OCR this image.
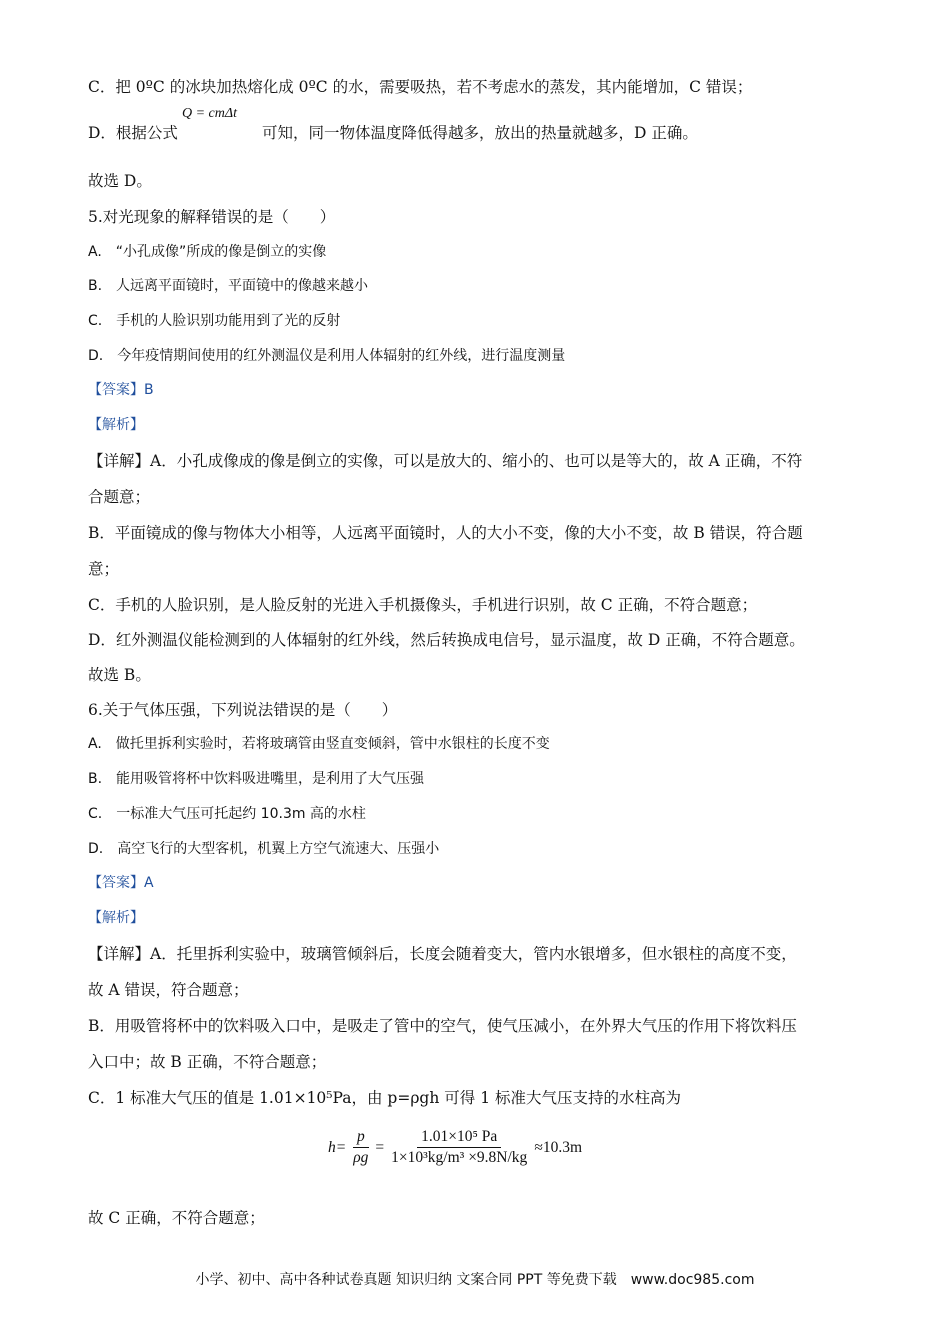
C．把 0ºC 的冰块加热熔化成 0ºC 的水，需要吸热，若不考虑水的蒸发，其内能增加，C 错误；
D．根据公式
Q = cmΔt
可知，同一物体温度降低得越多，放出的热量就越多，D 正确。
故选 D。
5.对光现象的解释错误的是（　　）
A.　“小孔成像”所成的像是倒立的实像
B.　人远离平面镜时，平面镜中的像越来越小
C.　手机的人脸识别功能用到了光的反射
D.　今年疫情期间使用的红外测温仪是利用人体辐射的红外线，进行温度测量
【答案】B
【解析】
【详解】A．小孔成像成的像是倒立的实像，可以是放大的、缩小的、也可以是等大的，故 A 正确，不符
合题意；
B．平面镜成的像与物体大小相等，人远离平面镜时，人的大小不变，像的大小不变，故 B 错误，符合题
意；
C．手机的人脸识别，是人脸反射的光进入手机摄像头，手机进行识别，故 C 正确，不符合题意；
D．红外测温仪能检测到的人体辐射的红外线，然后转换成电信号，显示温度，故 D 正确，不符合题意。
故选 B。
6.关于气体压强，下列说法错误的是（　　）
A.　做托里拆利实验时，若将玻璃管由竖直变倾斜，管中水银柱的长度不变
B.　能用吸管将杯中饮料吸进嘴里，是利用了大气压强
C.　一标准大气压可托起约 10.3m 高的水柱
D.　高空飞行的大型客机，机翼上方空气流速大、压强小
【答案】A
【解析】
【详解】A．托里拆利实验中，玻璃管倾斜后，长度会随着变大，管内水银增多，但水银柱的高度不变，
故 A 错误，符合题意；
B．用吸管将杯中的饮料吸入口中，是吸走了管中的空气，使气压减小，在外界大气压的作用下将饮料压
入口中；故 B 正确，不符合题意；
C．1 标准大气压的值是 1.01×10⁵Pa，由 p=ρgh 可得 1 标准大气压支持的水柱高为
$h= \frac{p}{\rho g} = \frac{\text{1.01×10⁵ Pa}}{\text{1×10³kg/m³ ×9.8N/kg}} \approx 10.3m$
故 C 正确，不符合题意；
小学、初中、高中各种试卷真题 知识归纳 文案合同 PPT 等免费下载　www.doc985.com
